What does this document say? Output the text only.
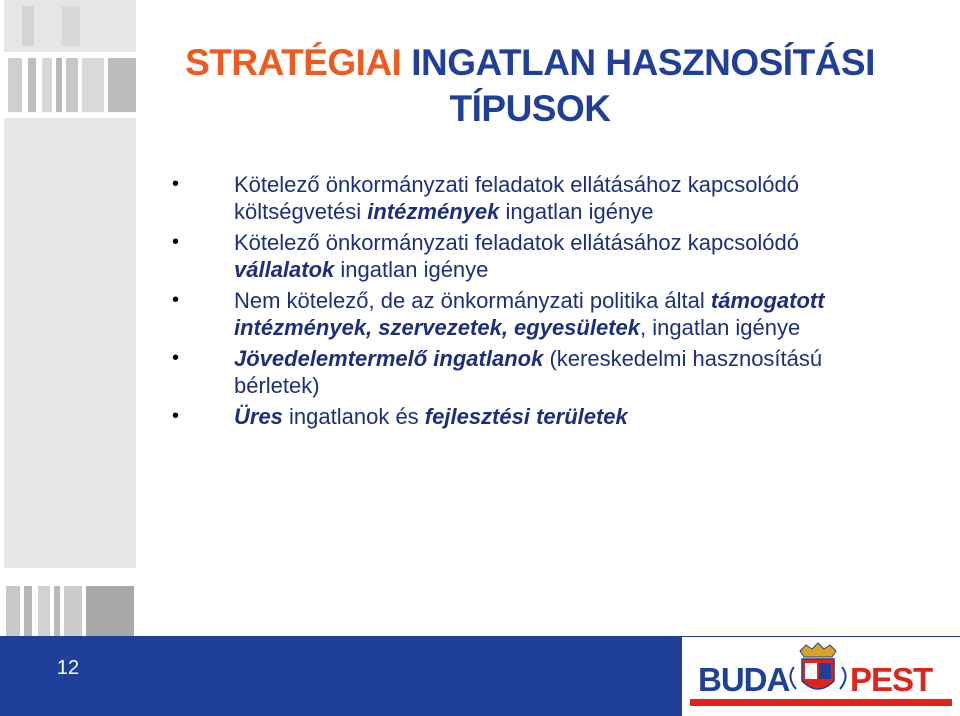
STRATÉGIAI INGATLAN HASZNOSÍTÁSI
TÍPUSOK
• Kötelező önkormányzati feladatok ellátásához kapcsolódó költségvetési intézmények ingatlan igénye
• Kötelező önkormányzati feladatok ellátásához kapcsolódó vállalatok ingatlan igénye
• Nem kötelező, de az önkormányzati politika által támogatott intézmények, szervezetek, egyesületek, ingatlan igénye
• Jövedelemtermelő ingatlanok (kereskedelmi hasznosítású bérletek)
• Üres ingatlanok és fejlesztési területek
12	BUDA PEST
